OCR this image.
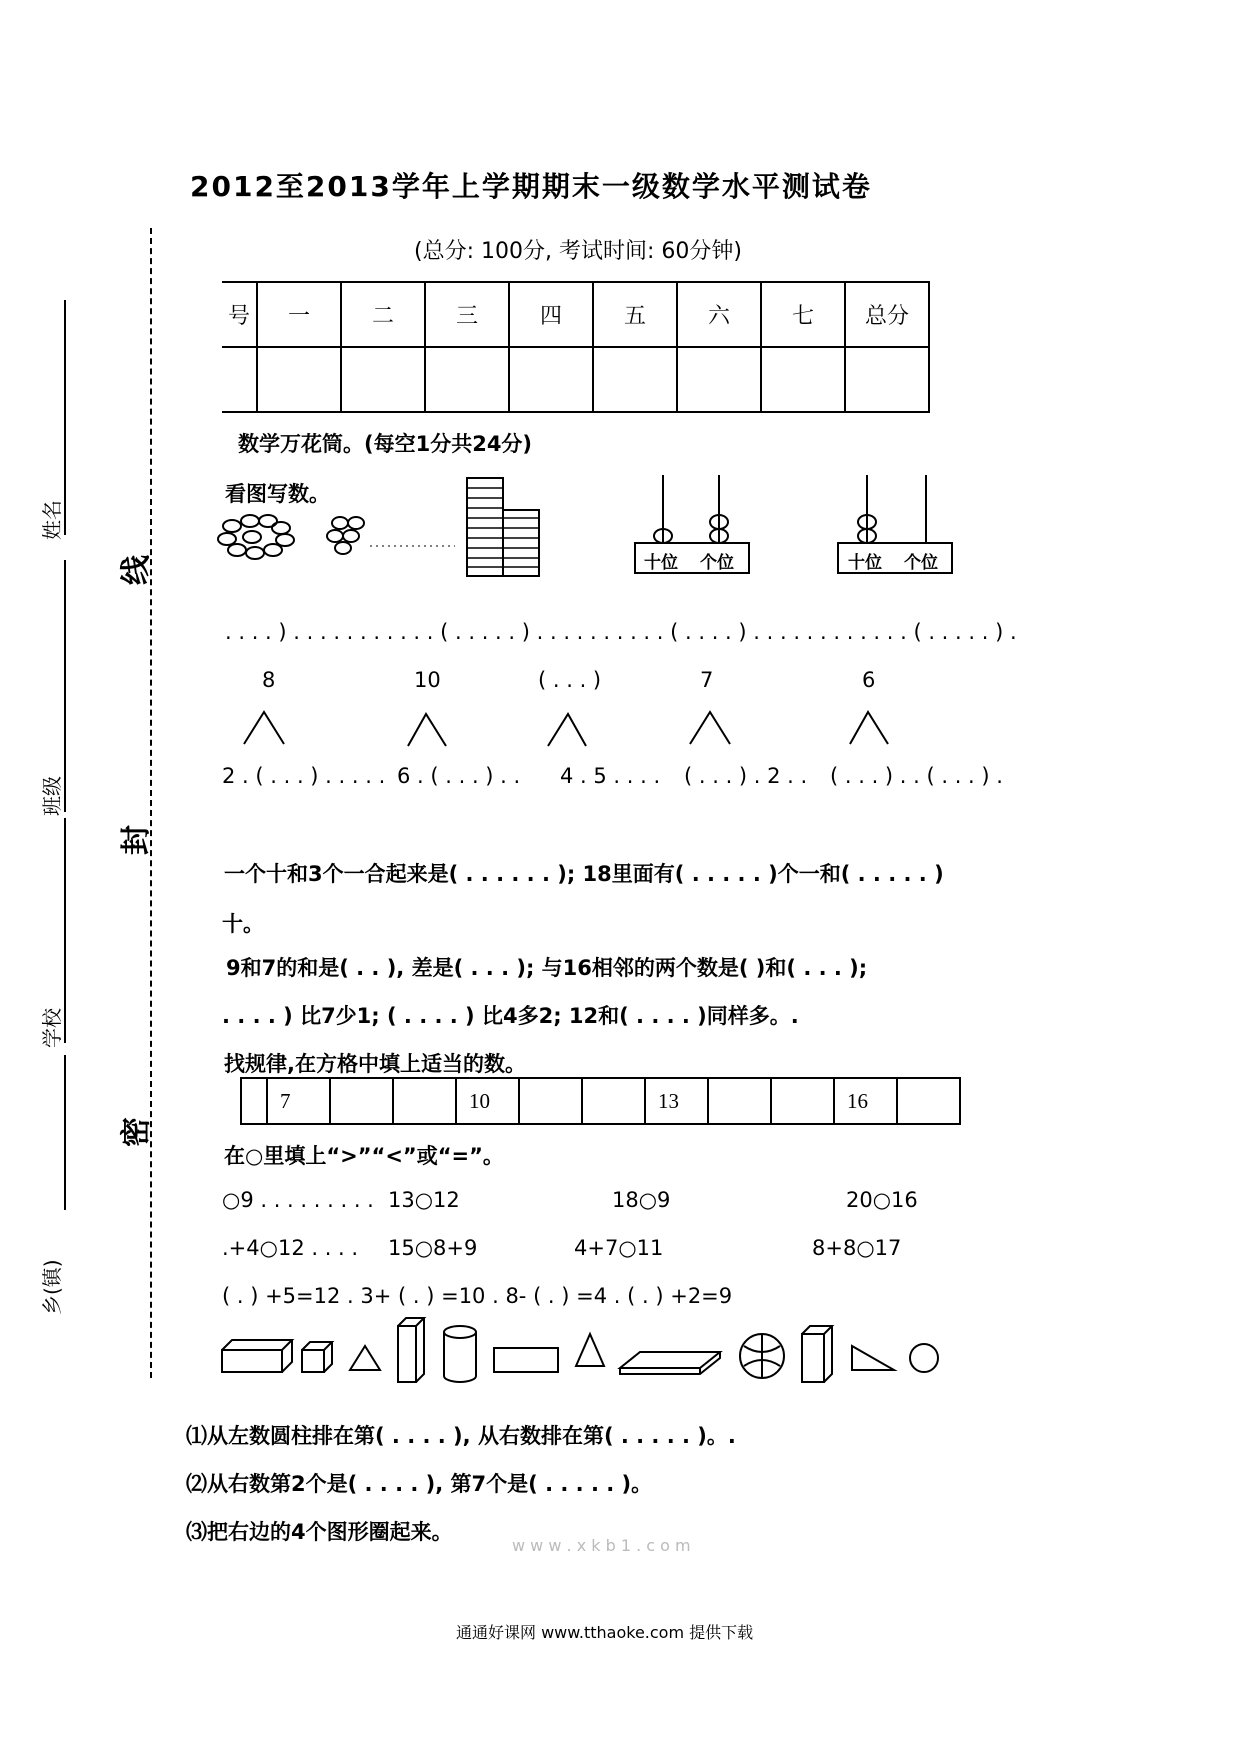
姓名
班级
学校
乡(镇)
线
封
密
2012至2013学年上学期期末一级数学水平测试卷
(总分: 100分, 考试时间: 60分钟)
号	一	二	三	四	五	六	七	总分

数学万花筒。(每空1分共24分)
看图写数。
十位 个位	十位 个位
. . . . ) . . . . . . . . . . . ( . . . . . ) . . . . . . . . . . ( . . . . ) . . . . . . . . . . . . ( . . . . . ) .
8	10	( . . . )	7	6
2 . ( . . . ) . . . . . 6 . ( . . . ) . . 4 . 5 . . . . ( . . . ) . 2 . . ( . . . ) . . ( . . . ) .
一个十和3个一合起来是( . . . . . . ); 18里面有( . . . . . )个一和( . . . . . )
十。
9和7的和是( . . ), 差是( . . . ); 与16相邻的两个数是( )和( . . . );
. . . . ) 比7少1; ( . . . . ) 比4多2; 12和( . . . . )同样多。.
找规律,在方格中填上适当的数。
	7			10			13			16	
在○里填上“>”“<”或“=”。
○9 . . . . . . . . . 13○12	18○9	20○16
.+4○12 . . . . 15○8+9	4+7○11	8+8○17
( . ) +5=12 . 3+ ( . ) =10 . 8- ( . ) =4 . ( . ) +2=9
⑴从左数圆柱排在第( . . . . ), 从右数排在第( . . . . . )。.
⑵从右数第2个是( . . . . ), 第7个是( . . . . . )。
⑶把右边的4个图形圈起来。
w w w . x k b 1 . c o m
通通好课网 www.tthaoke.com 提供下载
